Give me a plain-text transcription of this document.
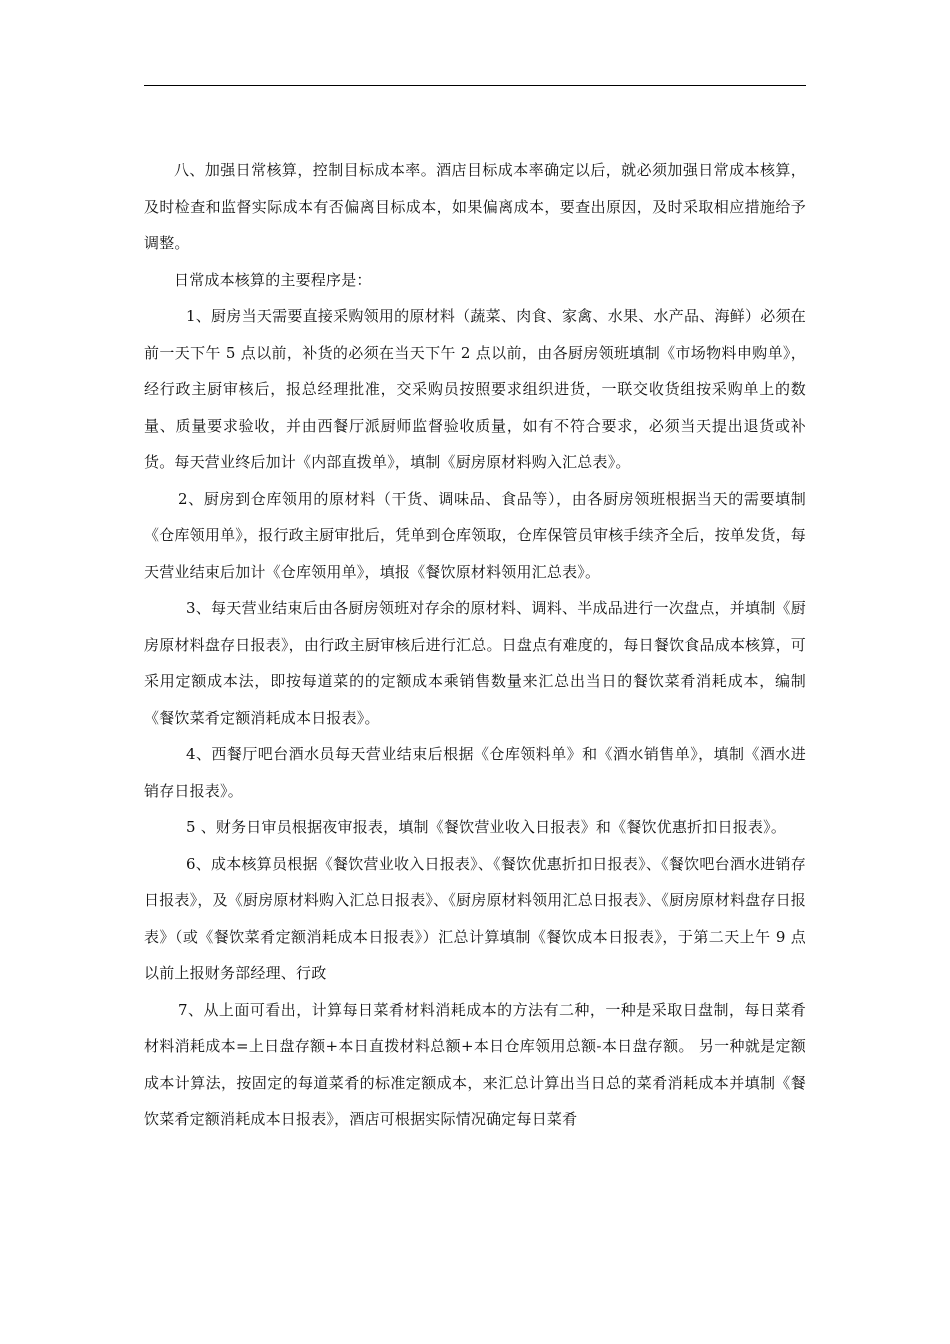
八、加强日常核算，控制目标成本率。酒店目标成本率确定以后，就必须加强日常成本核算，及时检查和监督实际成本有否偏离目标成本，如果偏离成本，要查出原因，及时采取相应措施给予调整。

日常成本核算的主要程序是：

1、厨房当天需要直接采购领用的原材料（蔬菜、肉食、家禽、水果、水产品、海鲜）必须在前一天下午 5 点以前，补货的必须在当天下午 2 点以前，由各厨房领班填制《市场物料申购单》，经行政主厨审核后，报总经理批准，交采购员按照要求组织进货，一联交收货组按采购单上的数量、质量要求验收，并由西餐厅派厨师监督验收质量，如有不符合要求，必须当天提出退货或补货。每天营业终后加计《内部直拨单》，填制《厨房原材料购入汇总表》。

2、厨房到仓库领用的原材料（干货、调味品、食品等），由各厨房领班根据当天的需要填制《仓库领用单》，报行政主厨审批后，凭单到仓库领取，仓库保管员审核手续齐全后，按单发货，每天营业结束后加计《仓库领用单》，填报《餐饮原材料领用汇总表》。

3、每天营业结束后由各厨房领班对存余的原材料、调料、半成品进行一次盘点，并填制《厨房原材料盘存日报表》，由行政主厨审核后进行汇总。日盘点有难度的，每日餐饮食品成本核算，可采用定额成本法，即按每道菜的的定额成本乘销售数量来汇总出当日的餐饮菜肴消耗成本，编制《餐饮菜肴定额消耗成本日报表》。

4、西餐厅吧台酒水员每天营业结束后根据《仓库领料单》和《酒水销售单》，填制《酒水进销存日报表》。

5 、财务日审员根据夜审报表，填制《餐饮营业收入日报表》和《餐饮优惠折扣日报表》。

6、成本核算员根据《餐饮营业收入日报表》、《餐饮优惠折扣日报表》、《餐饮吧台酒水进销存日报表》，及《厨房原材料购入汇总日报表》、《厨房原材料领用汇总日报表》、《厨房原材料盘存日报表》（或《餐饮菜肴定额消耗成本日报表》）汇总计算填制《餐饮成本日报表》，于第二天上午 9 点以前上报财务部经理、行政

7、从上面可看出，计算每日菜肴材料消耗成本的方法有二种，一种是采取日盘制，每日菜肴材料消耗成本=上日盘存额+本日直拨材料总额+本日仓库领用总额-本日盘存额。 另一种就是定额成本计算法，按固定的每道菜肴的标准定额成本，来汇总计算出当日总的菜肴消耗成本并填制《餐饮菜肴定额消耗成本日报表》，酒店可根据实际情况确定每日菜肴
